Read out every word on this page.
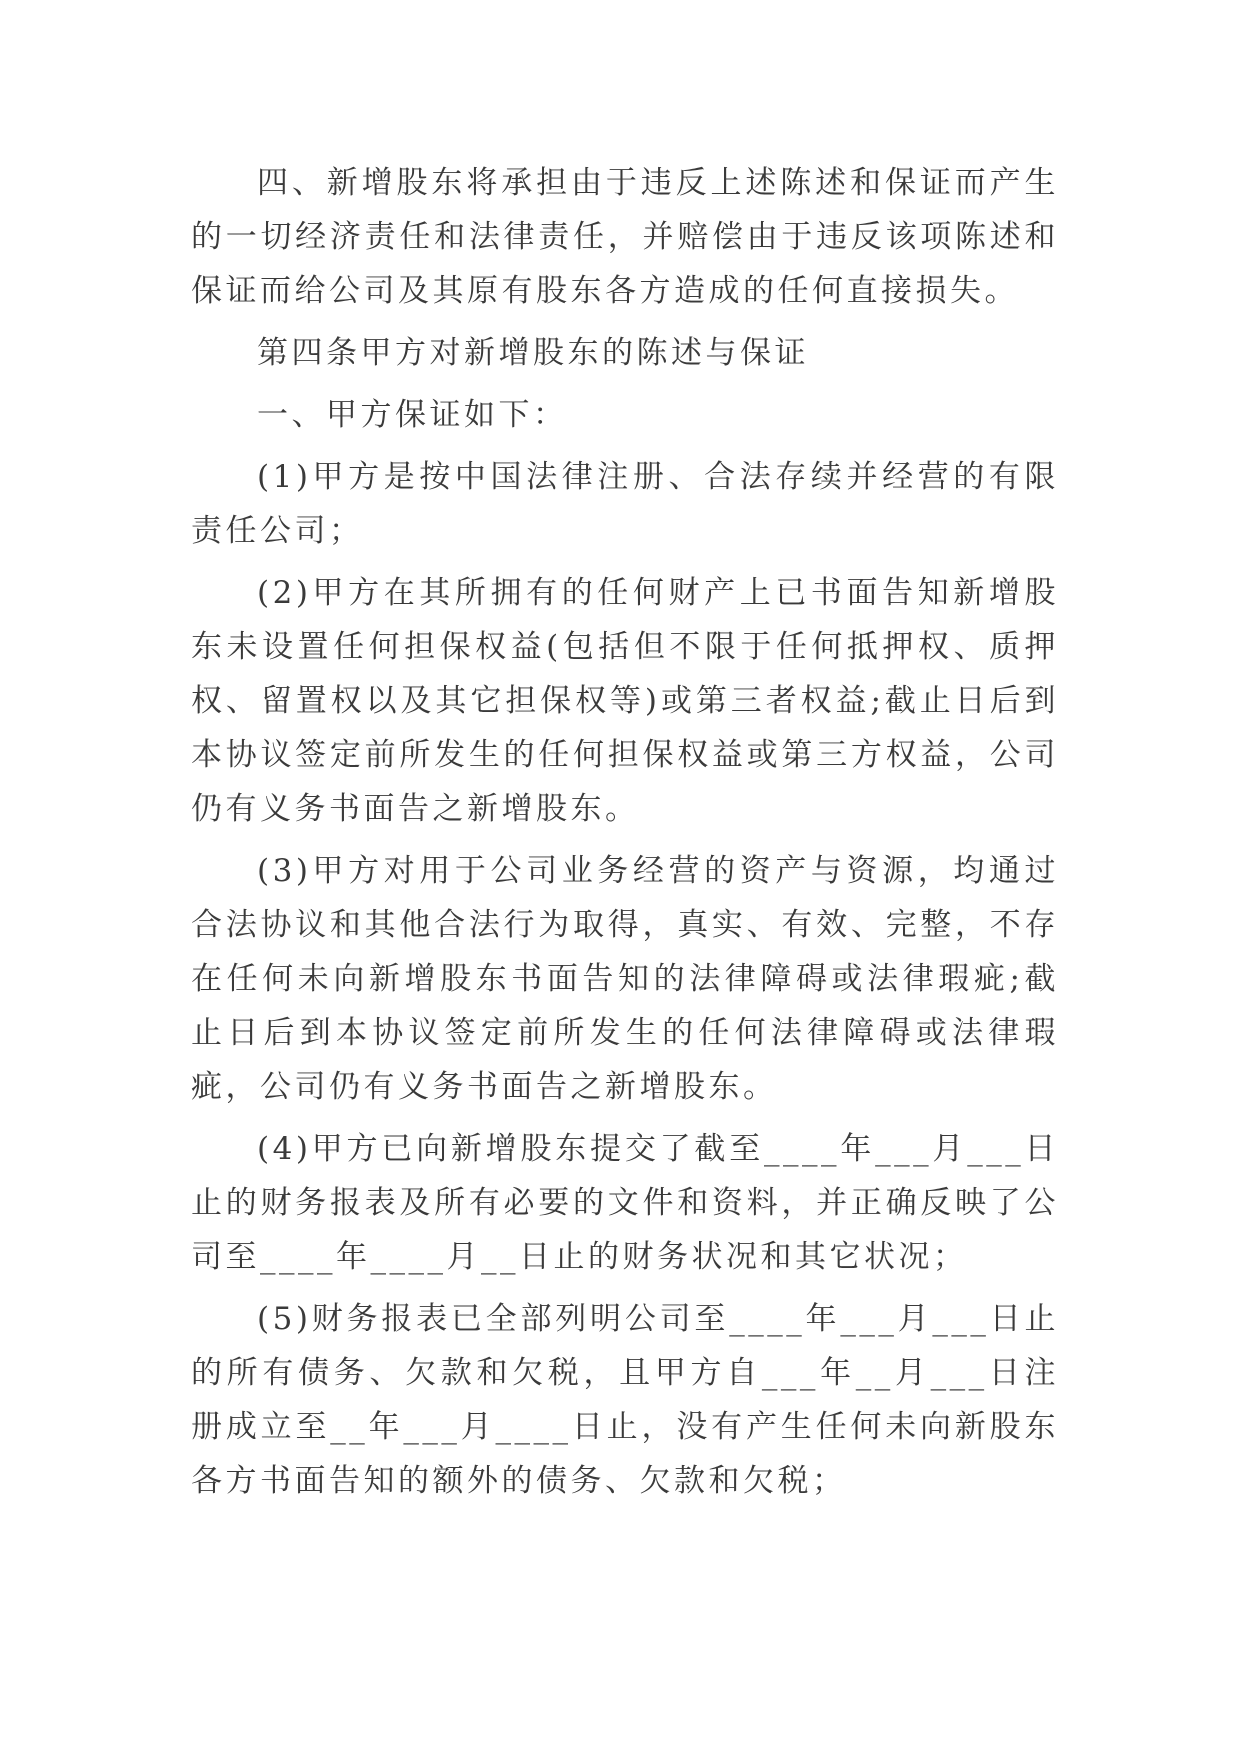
四、新增股东将承担由于违反上述陈述和保证而产生的一切经济责任和法律责任，并赔偿由于违反该项陈述和保证而给公司及其原有股东各方造成的任何直接损失。

第四条甲方对新增股东的陈述与保证

一、甲方保证如下：

(1)甲方是按中国法律注册、合法存续并经营的有限责任公司；

(2)甲方在其所拥有的任何财产上已书面告知新增股东未设置任何担保权益(包括但不限于任何抵押权、质押权、留置权以及其它担保权等)或第三者权益;截止日后到本协议签定前所发生的任何担保权益或第三方权益，公司仍有义务书面告之新增股东。

(3)甲方对用于公司业务经营的资产与资源，均通过合法协议和其他合法行为取得，真实、有效、完整，不存在任何未向新增股东书面告知的法律障碍或法律瑕疵;截止日后到本协议签定前所发生的任何法律障碍或法律瑕疵，公司仍有义务书面告之新增股东。

(4)甲方已向新增股东提交了截至____年___月___日止的财务报表及所有必要的文件和资料，并正确反映了公司至____年____月__日止的财务状况和其它状况；

(5)财务报表已全部列明公司至____年___月___日止的所有债务、欠款和欠税，且甲方自___年__月___日注册成立至__年___月____日止，没有产生任何未向新股东各方书面告知的额外的债务、欠款和欠税；
